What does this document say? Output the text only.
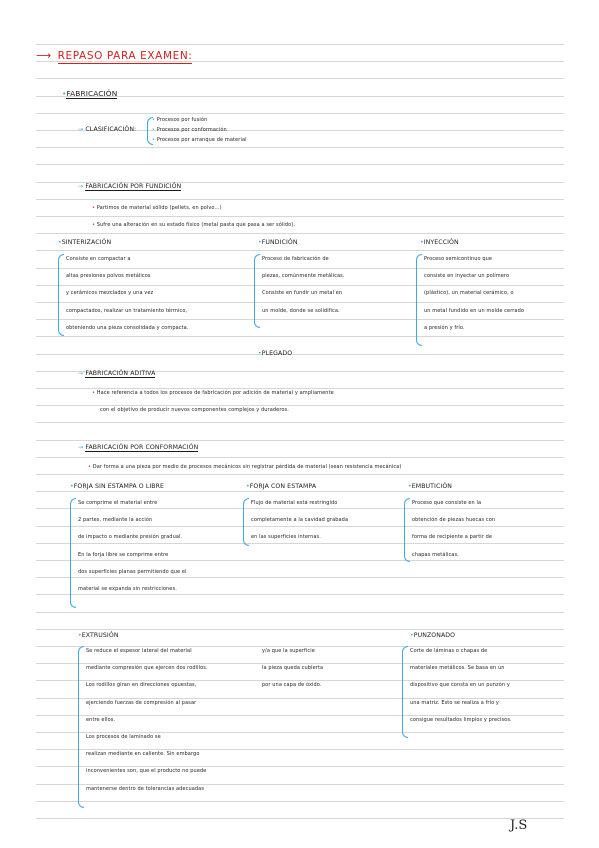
⟶ REPASO PARA EXAMEN:
•FABRICACIÓN
→ CLASIFICACIÓN:
• Procesos por fusión
• Procesos por conformación
• Procesos por arranque de material
→ FABRICACIÓN POR FUNDICIÓN
• Partimos de material sólido (pellets, en polvo...)
• Sufre una alteración en su estado físico (metal pasta que pasa a ser sólido).
•SINTERIZACIÓN	•FUNDICIÓN	•INYECCIÓN
Consiste en compactar a
altas presiones polvos metálicos
y cerámicos mezclados y una vez
compactados, realizar un tratamiento térmico,
obteniendo una pieza consolidada y compacta.
Proceso de fabricación de
piezas, comúnmente metálicas.
Consiste en fundir un metal en
un molde, donde se solidifica.
Proceso semicontinuo que
consiste en inyectar un polímero
(plástico), un material cerámico, o
un metal fundido en un molde cerrado
a presión y frío.
•PLEGADO
→ FABRICACIÓN ADITIVA
• Hace referencia a todos los procesos de fabricación por adición de material y ampliamente
con el objetivo de producir nuevos componentes complejos y duraderos.
→ FABRICACIÓN POR CONFORMACIÓN
• Dar forma a una pieza por medio de procesos mecánicos sin registrar pérdida de material (sean resistencia mecánica)
•FORJA SIN ESTAMPA O LIBRE	•FORJA CON ESTAMPA	•EMBUTICIÓN
Se comprime el material entre
2 partes, mediante la acción
de impacto o mediante presión gradual.
En la forja libre se comprime entre
dos superficies planas permitiendo que el
material se expanda sin restricciones.
Flujo de material está restringido
completamente a la cavidad grabada
en las superficies internas.
Proceso que consiste en la
obtención de piezas huecas con
forma de recipiente a partir de
chapas metálicas.
•EXTRUSIÓN	•PUNZONADO
Se reduce el espesor lateral del material
mediante compresión que ejercen dos rodillos.
Los rodillos giran en direcciones opuestas,
ejerciendo fuerzas de compresión al pasar
entre ellos.
Los procesos de laminado se
realizan mediante en caliente. Sin embargo
inconvenientes son, que el producto no puede
mantenerse dentro de tolerancias adecuadas
y/a que la superficie
la pieza queda cubierta
por una capa de óxido.
Corte de láminas o chapas de
materiales metálicos. Se basa en un
dispositivo que consta en un punzón y
una matriz. Esto se realiza a frío y
consigue resultados limpios y precisos.
J.S
